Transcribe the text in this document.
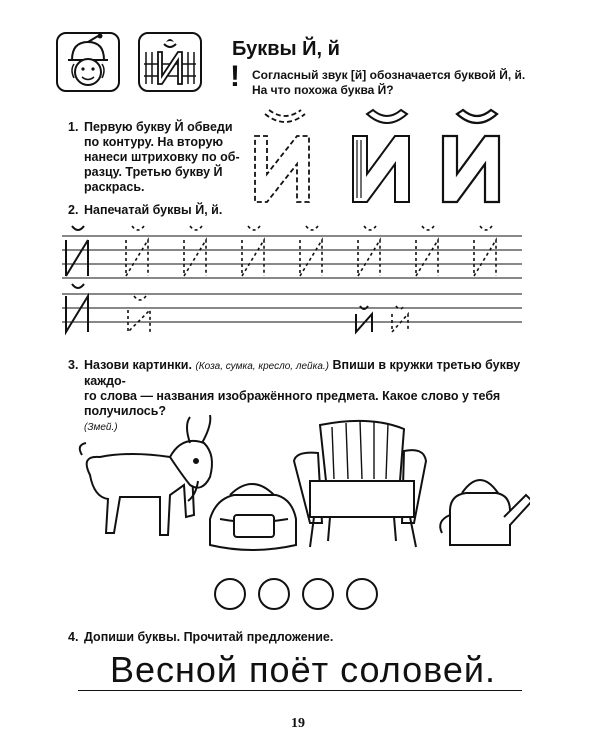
Буквы Й, й
! Согласный звук [й] обозначается буквой Й, й.
На что похожа буква Й?
1. Первую букву Й обведи
по контуру. На вторую
нанеси штриховку по об-
разцу. Третью букву Й
раскрась.
2. Напечатай буквы Й, й.
3. Назови картинки. (Коза, сумка, кресло, лейка.) Впиши в кружки третью букву каждо-
го слова — названия изображённого предмета. Какое слово у тебя получилось?
(Змей.)
4. Допиши буквы. Прочитай предложение.
Весной поёт соловей.
19
